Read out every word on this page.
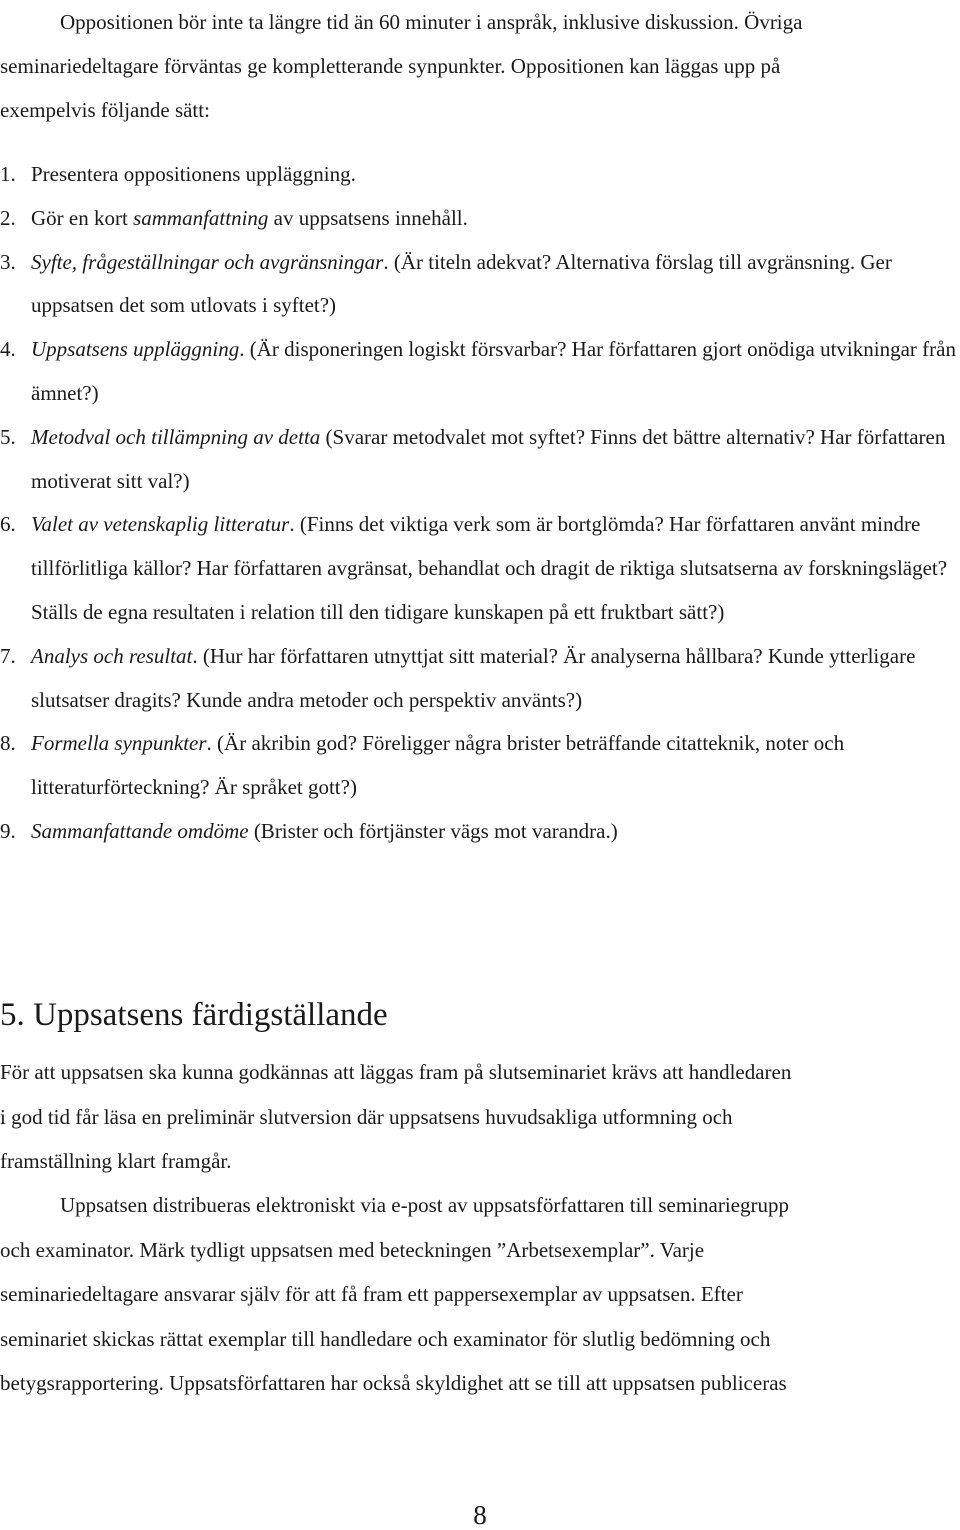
Oppositionen bör inte ta längre tid än 60 minuter i anspråk, inklusive diskussion. Övriga
seminariedeltagare förväntas ge kompletterande synpunkter. Oppositionen kan läggas upp på
exempelvis följande sätt:

1. Presentera oppositionens uppläggning.
2. Gör en kort sammanfattning av uppsatsens innehåll.
3. Syfte, frågeställningar och avgränsningar. (Är titeln adekvat? Alternativa förslag till avgränsning. Ger uppsatsen det som utlovats i syftet?)
4. Uppsatsens uppläggning. (Är disponeringen logiskt försvarbar? Har författaren gjort onödiga utvikningar från ämnet?)
5. Metodval och tillämpning av detta (Svarar metodvalet mot syftet? Finns det bättre alternativ? Har författaren motiverat sitt val?)
6. Valet av vetenskaplig litteratur. (Finns det viktiga verk som är bortglömda? Har författaren använt mindre tillförlitliga källor? Har författaren avgränsat, behandlat och dragit de riktiga slutsatserna av forskningsläget? Ställs de egna resultaten i relation till den tidigare kunskapen på ett fruktbart sätt?)
7. Analys och resultat. (Hur har författaren utnyttjat sitt material? Är analyserna hållbara? Kunde ytterligare slutsatser dragits? Kunde andra metoder och perspektiv använts?)
8. Formella synpunkter. (Är akribin god? Föreligger några brister beträffande citatteknik, noter och litteraturförteckning? Är språket gott?)
9. Sammanfattande omdöme (Brister och förtjänster vägs mot varandra.)
5. Uppsatsens färdigställande

För att uppsatsen ska kunna godkännas att läggas fram på slutseminariet krävs att handledaren
i god tid får läsa en preliminär slutversion där uppsatsens huvudsakliga utformning och
framställning klart framgår.

Uppsatsen distribueras elektroniskt via e-post av uppsatsförfattaren till seminariegrupp
och examinator. Märk tydligt uppsatsen med beteckningen ”Arbetsexemplar”. Varje
seminariedeltagare ansvarar själv för att få fram ett pappersexemplar av uppsatsen. Efter
seminariet skickas rättat exemplar till handledare och examinator för slutlig bedömning och
betygsrapportering. Uppsatsförfattaren har också skyldighet att se till att uppsatsen publiceras

8
